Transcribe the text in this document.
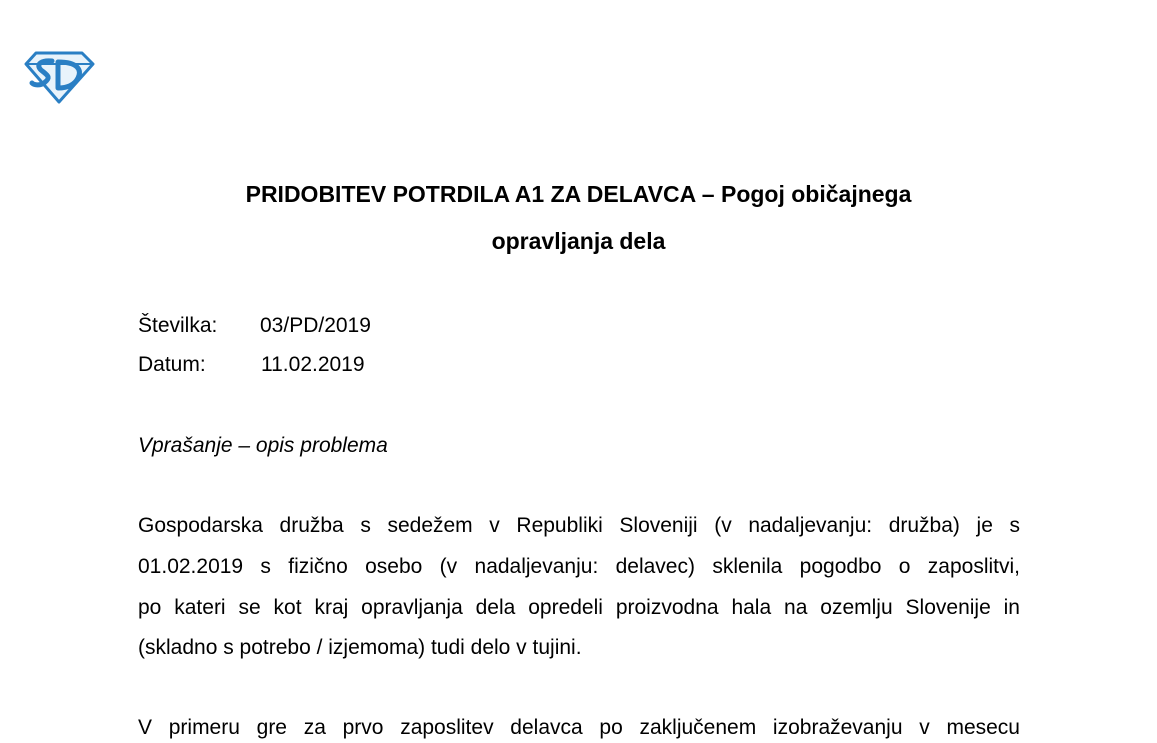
PRIDOBITEV POTRDILA A1 ZA DELAVCA – Pogoj običajnega
opravljanja dela
Številka: 03/PD/2019
Datum:	11.02.2019
Vprašanje – opis problema
Gospodarska družba s sedežem v Republiki Sloveniji (v nadaljevanju: družba) je s
01.02.2019 s fizično osebo (v nadaljevanju: delavec) sklenila pogodbo o zaposlitvi,
po kateri se kot kraj opravljanja dela opredeli proizvodna hala na ozemlju Slovenije in
(skladno s potrebo / izjemoma) tudi delo v tujini.
V primeru gre za prvo zaposlitev delavca po zaključenem izobraževanju v mesecu
